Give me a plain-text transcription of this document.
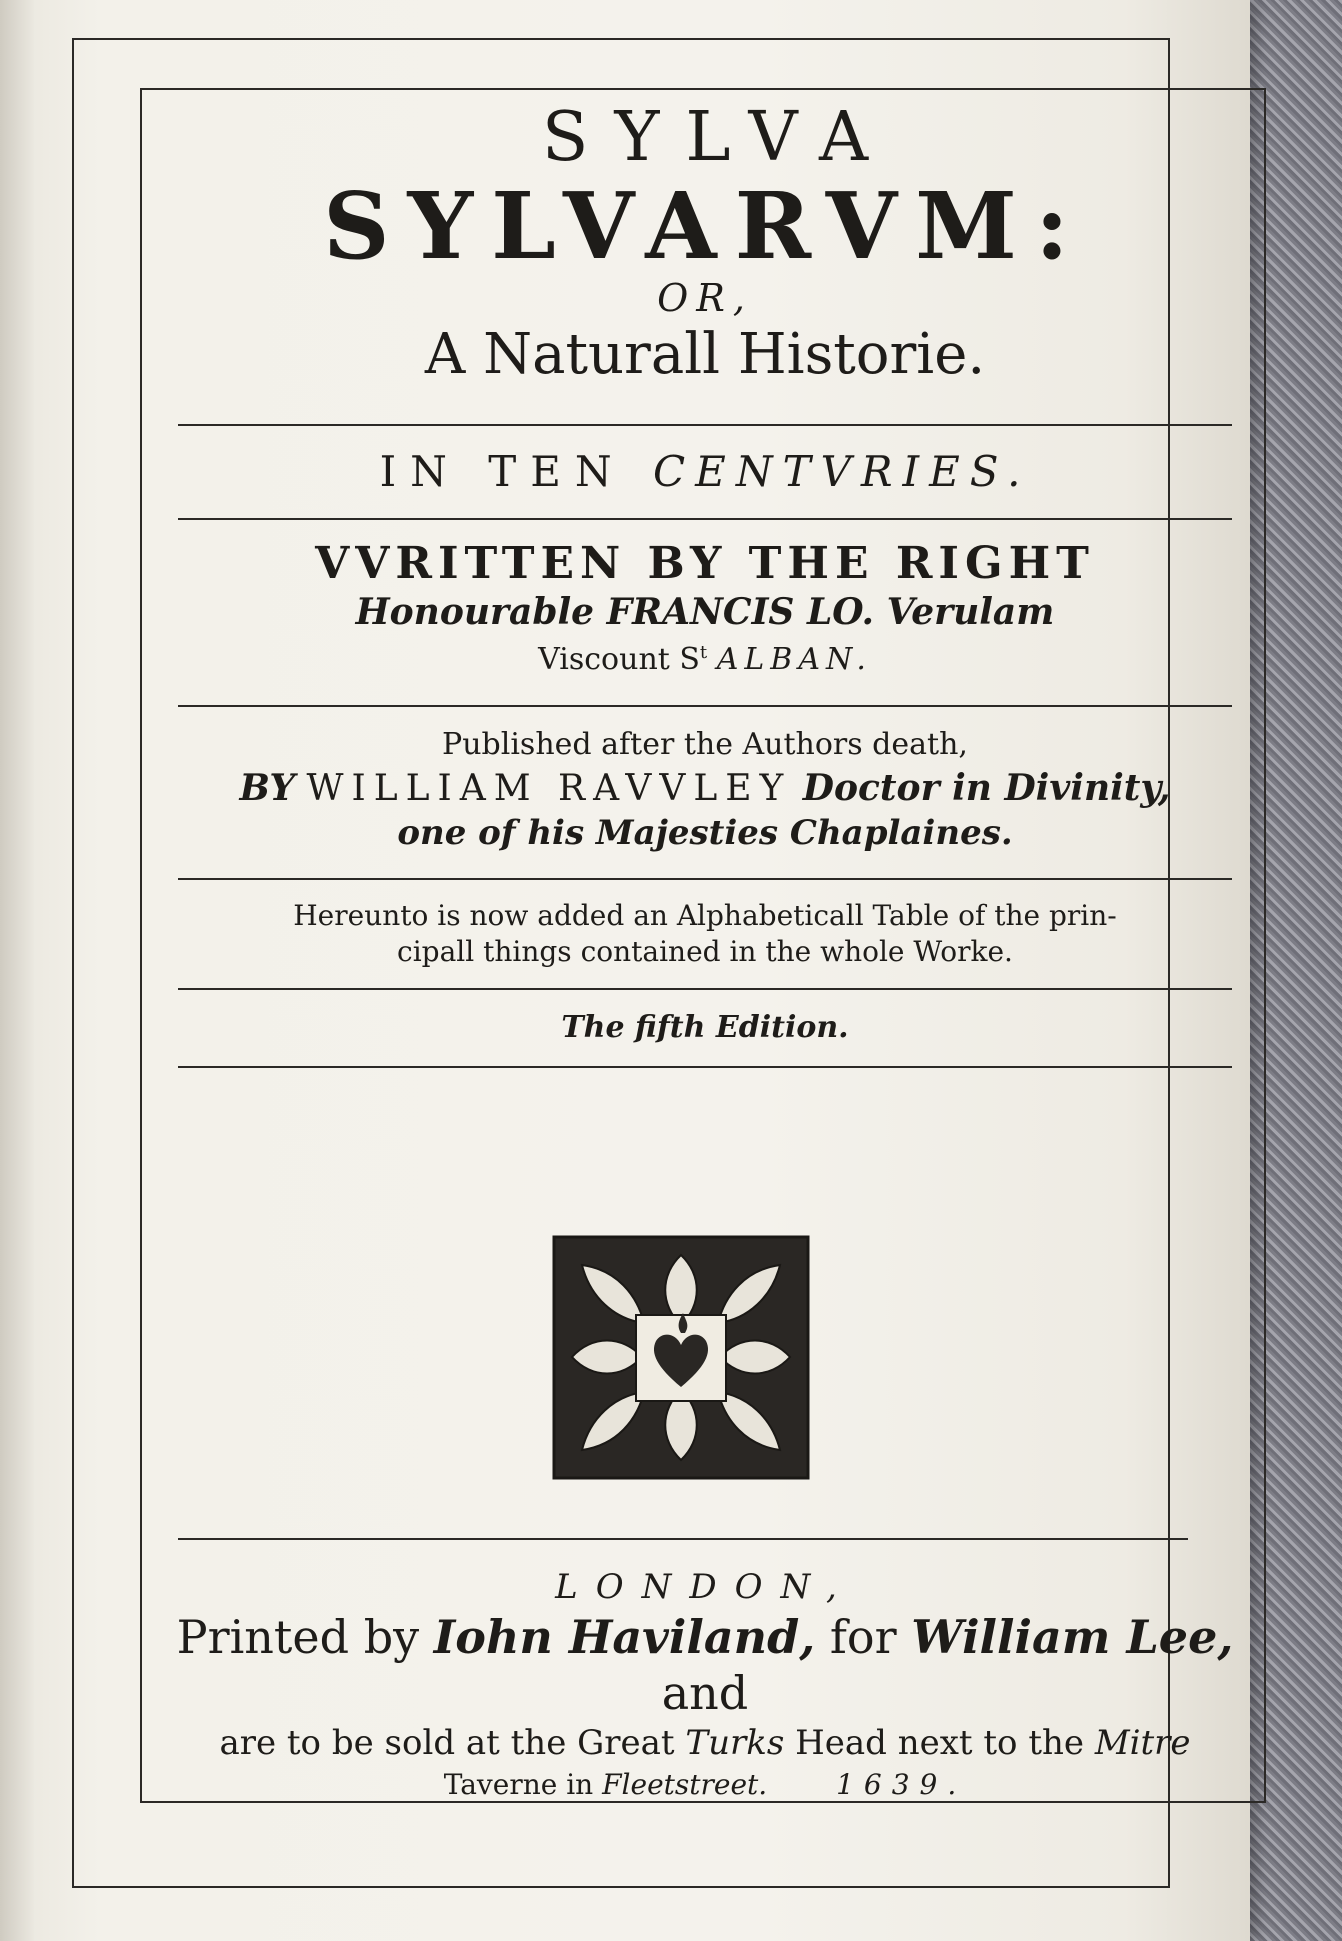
SYLVA

SYLVARVM:

OR,

A Naturall Historie.

IN TEN CENTVRIES.

VVRITTEN BY THE RIGHT

Honourable FRANCIS LO. Verulam

Viscount $S^t$ ALBAN.

Published after the Authors death,

BY WILLIAM RAVVLEY Doctor in Divinity,

one of his Majesties Chaplaines.

Hereunto is now added an Alphabeticall Table of the prin-

cipall things contained in the whole Worke.

The fifth Edition.

LONDON,

Printed by Iohn Haviland, for William Lee, and

are to be sold at the Great Turks Head next to the Mitre

Taverne in Fleetstreet. 1639.
